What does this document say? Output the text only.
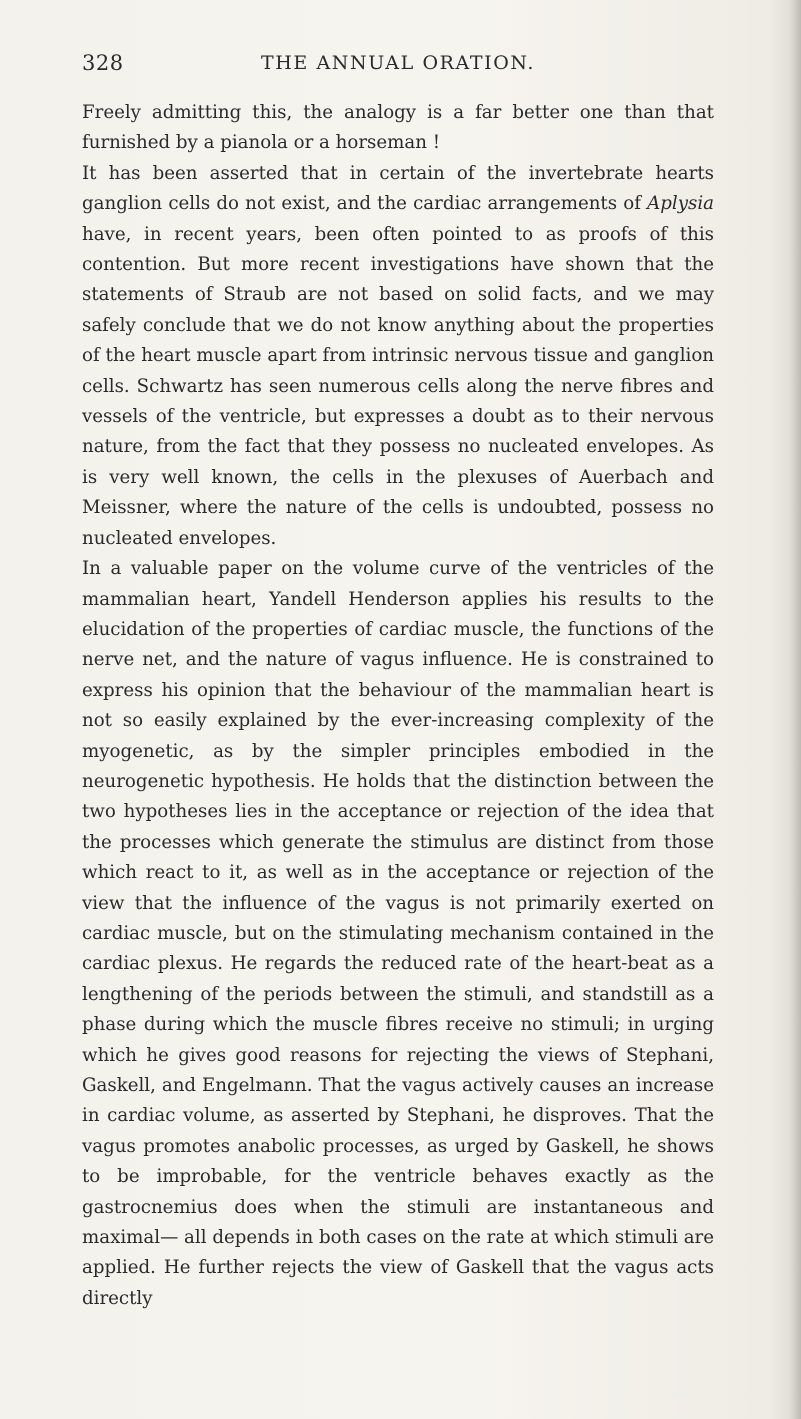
328	THE ANNUAL ORATION.

Freely admitting this, the analogy is a far better one than that furnished by a pianola or a horseman !

It has been asserted that in certain of the invertebrate hearts ganglion cells do not exist, and the cardiac arrangements of Aplysia have, in recent years, been often pointed to as proofs of this contention. But more recent investigations have shown that the statements of Straub are not based on solid facts, and we may safely conclude that we do not know anything about the properties of the heart muscle apart from intrinsic nervous tissue and ganglion cells. Schwartz has seen numerous cells along the nerve fibres and vessels of the ventricle, but expresses a doubt as to their nervous nature, from the fact that they possess no nucleated envelopes. As is very well known, the cells in the plexuses of Auerbach and Meissner, where the nature of the cells is undoubted, possess no nucleated envelopes.

In a valuable paper on the volume curve of the ventricles of the mammalian heart, Yandell Henderson applies his results to the elucidation of the properties of cardiac muscle, the functions of the nerve net, and the nature of vagus influence. He is constrained to express his opinion that the behaviour of the mammalian heart is not so easily explained by the ever-increasing complexity of the myogenetic, as by the simpler principles embodied in the neurogenetic hypothesis. He holds that the distinction between the two hypotheses lies in the acceptance or rejection of the idea that the processes which generate the stimulus are distinct from those which react to it, as well as in the acceptance or rejection of the view that the influence of the vagus is not primarily exerted on cardiac muscle, but on the stimulating mechanism contained in the cardiac plexus. He regards the reduced rate of the heart-beat as a lengthening of the periods between the stimuli, and standstill as a phase during which the muscle fibres receive no stimuli; in urging which he gives good reasons for rejecting the views of Stephani, Gaskell, and Engelmann. That the vagus actively causes an increase in cardiac volume, as asserted by Stephani, he disproves. That the vagus promotes anabolic processes, as urged by Gaskell, he shows to be improbable, for the ventricle behaves exactly as the gastrocnemius does when the stimuli are instantaneous and maximal— all depends in both cases on the rate at which stimuli are applied. He further rejects the view of Gaskell that the vagus acts directly
